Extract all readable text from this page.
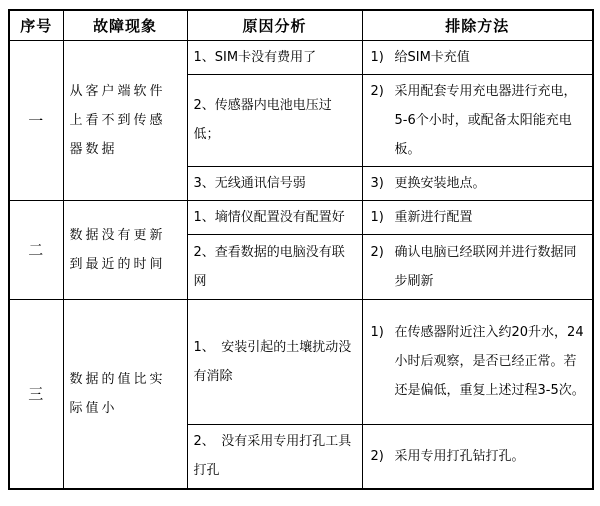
序号	故障现象	原因分析	排除方法
一	从客户端软件上看不到传感器数据	1、SIM卡没有费用了	1) 给SIM卡充值

		2、传感器内电池电压过低；	2) 采用配套专用充电器进行充电，5-6个小时，或配备太阳能充电板。

		3、无线通讯信号弱	3) 更换安装地点。

二	数据没有更新到最近的时间	1、墒情仪配置没有配置好	1) 重新进行配置

		2、查看数据的电脑没有联网	2) 确认电脑已经联网并进行数据同步刷新

三	数据的值比实际值小	1、　安装引起的土壤扰动没有消除	1) 在传感器附近注入约20升水，24小时后观察，是否已经正常。若还是偏低，重复上述过程3-5次。

		2、　没有采用专用打孔工具打孔	2) 采用专用打孔钻打孔。
